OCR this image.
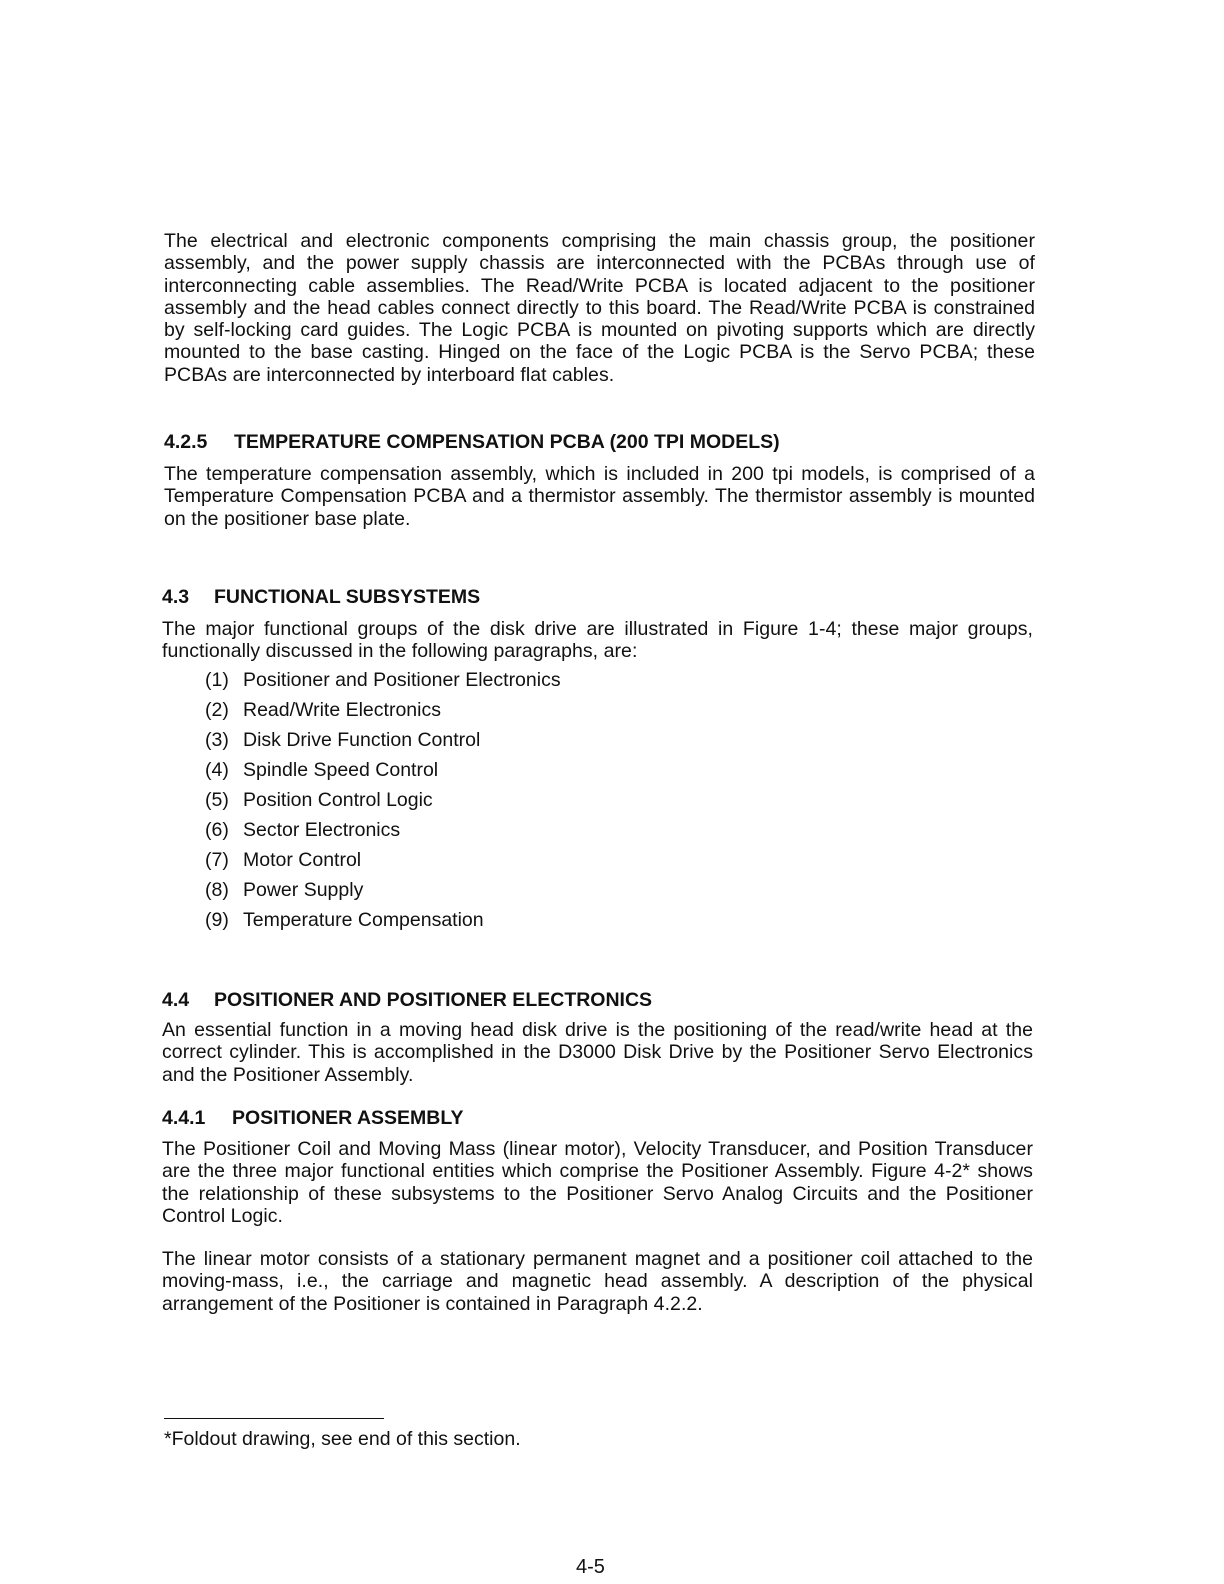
The electrical and electronic components comprising the main chassis group, the positioner assembly, and the power supply chassis are interconnected with the PCBAs through use of interconnecting cable assemblies. The Read/Write PCBA is located adjacent to the positioner assembly and the head cables connect directly to this board. The Read/Write PCBA is constrained by self-locking card guides. The Logic PCBA is mounted on pivoting supports which are directly mounted to the base casting. Hinged on the face of the Logic PCBA is the Servo PCBA; these PCBAs are interconnected by interboard flat cables.

4.2.5 TEMPERATURE COMPENSATION PCBA (200 TPI MODELS)

The temperature compensation assembly, which is included in 200 tpi models, is comprised of a Temperature Compensation PCBA and a thermistor assembly. The thermistor assembly is mounted on the positioner base plate.

4.3 FUNCTIONAL SUBSYSTEMS

The major functional groups of the disk drive are illustrated in Figure 1-4; these major groups, functionally discussed in the following paragraphs, are:

(1) Positioner and Positioner Electronics
(2) Read/Write Electronics
(3) Disk Drive Function Control
(4) Spindle Speed Control
(5) Position Control Logic
(6) Sector Electronics
(7) Motor Control
(8) Power Supply
(9) Temperature Compensation
4.4 POSITIONER AND POSITIONER ELECTRONICS

An essential function in a moving head disk drive is the positioning of the read/write head at the correct cylinder. This is accomplished in the D3000 Disk Drive by the Positioner Servo Electronics and the Positioner Assembly.

4.4.1 POSITIONER ASSEMBLY

The Positioner Coil and Moving Mass (linear motor), Velocity Transducer, and Position Transducer are the three major functional entities which comprise the Positioner Assembly. Figure 4-2* shows the relationship of these subsystems to the Positioner Servo Analog Circuits and the Positioner Control Logic.

The linear motor consists of a stationary permanent magnet and a positioner coil attached to the moving-mass, i.e., the carriage and magnetic head assembly. A description of the physical arrangement of the Positioner is contained in Paragraph 4.2.2.

*Foldout drawing, see end of this section.

4-5
